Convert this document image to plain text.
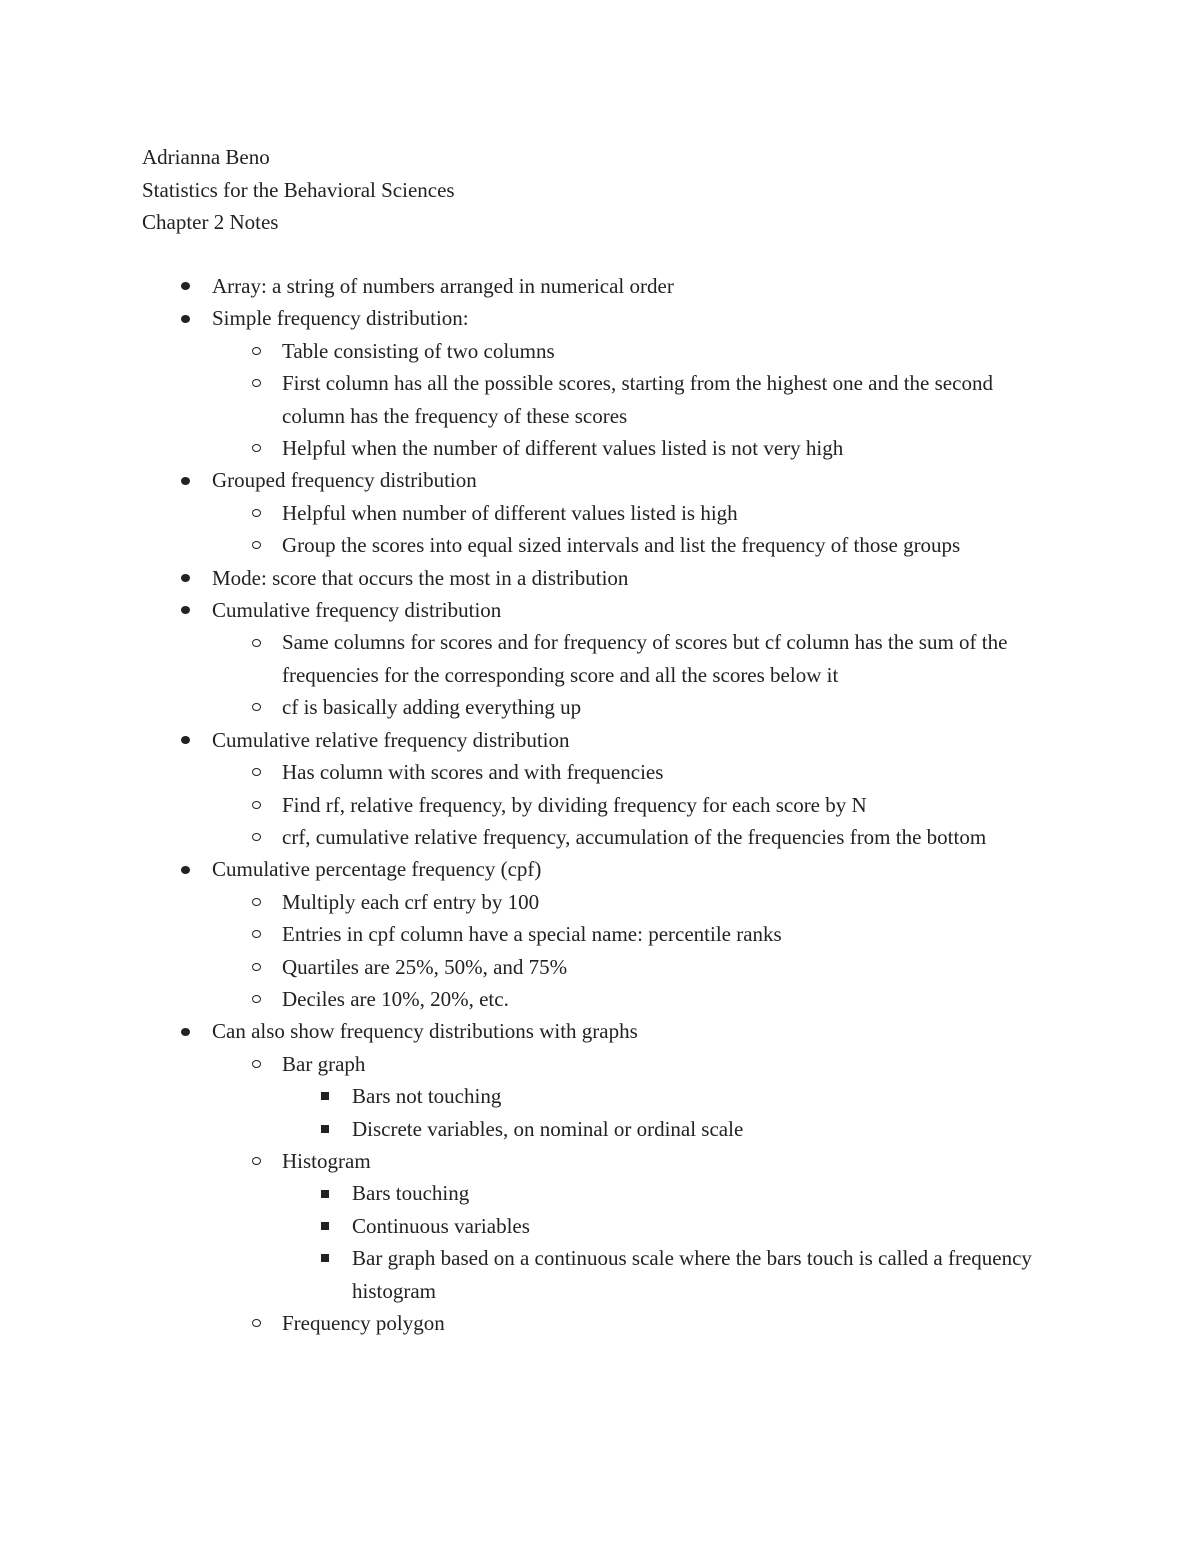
Adrianna Beno
Statistics for the Behavioral Sciences
Chapter 2 Notes
Array: a string of numbers arranged in numerical order
Simple frequency distribution:
Table consisting of two columns
First column has all the possible scores, starting from the highest one and the second column has the frequency of these scores
Helpful when the number of different values listed is not very high
Grouped frequency distribution
Helpful when number of different values listed is high
Group the scores into equal sized intervals and list the frequency of those groups
Mode: score that occurs the most in a distribution
Cumulative frequency distribution
Same columns for scores and for frequency of scores but cf column has the sum of the frequencies for the corresponding score and all the scores below it
cf is basically adding everything up
Cumulative relative frequency distribution
Has column with scores and with frequencies
Find rf, relative frequency, by dividing frequency for each score by N
crf, cumulative relative frequency, accumulation of the frequencies from the bottom
Cumulative percentage frequency (cpf)
Multiply each crf entry by 100
Entries in cpf column have a special name: percentile ranks
Quartiles are 25%, 50%, and 75%
Deciles are 10%, 20%, etc.
Can also show frequency distributions with graphs
Bar graph
Bars not touching
Discrete variables, on nominal or ordinal scale
Histogram
Bars touching
Continuous variables
Bar graph based on a continuous scale where the bars touch is called a frequency histogram
Frequency polygon
